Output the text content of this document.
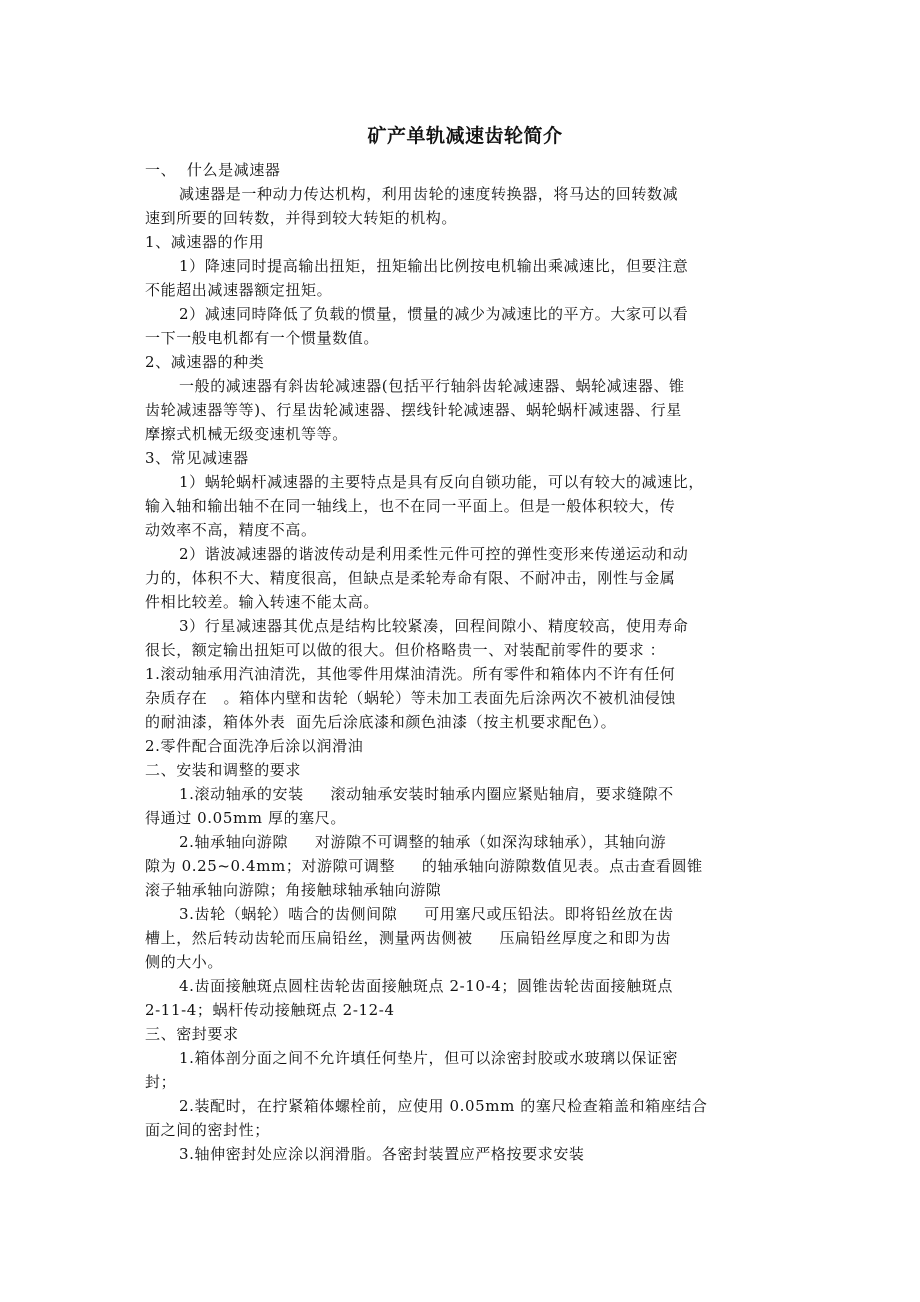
矿产单轨减速齿轮简介
一、  什么是减速器
减速器是一种动力传达机构，利用齿轮的速度转换器，将马达的回转数减
速到所要的回转数，并得到较大转矩的机构。
1、减速器的作用
1）降速同时提高输出扭矩，扭矩输出比例按电机输出乘减速比，但要注意
不能超出减速器额定扭矩。
2）减速同時降低了负载的惯量，惯量的减少为减速比的平方。大家可以看
一下一般电机都有一个惯量数值。
2、减速器的种类
一般的减速器有斜齿轮减速器(包括平行轴斜齿轮减速器、蜗轮减速器、锥
齿轮减速器等等)、行星齿轮减速器、摆线针轮减速器、蜗轮蜗杆减速器、行星
摩擦式机械无级变速机等等。
3、常见减速器
1）蜗轮蜗杆减速器的主要特点是具有反向自锁功能，可以有较大的减速比，
输入轴和输出轴不在同一轴线上，也不在同一平面上。但是一般体积较大，传
动效率不高，精度不高。
2）谐波减速器的谐波传动是利用柔性元件可控的弹性变形来传递运动和动
力的，体积不大、精度很高，但缺点是柔轮寿命有限、不耐冲击，刚性与金属
件相比较差。输入转速不能太高。
3）行星减速器其优点是结构比较紧凑，回程间隙小、精度较高，使用寿命
很长，额定输出扭矩可以做的很大。但价格略贵一、对装配前零件的要求 ：
1.滚动轴承用汽油清洗，其他零件用煤油清洗。所有零件和箱体内不许有任何
杂质存在   。箱体内壁和齿轮（蜗轮）等未加工表面先后涂两次不被机油侵蚀
的耐油漆，箱体外表  面先后涂底漆和颜色油漆（按主机要求配色）。
2.零件配合面洗净后涂以润滑油
二、安装和调整的要求
1.滚动轴承的安装     滚动轴承安装时轴承内圈应紧贴轴肩，要求缝隙不
得通过 0.05mm 厚的塞尺。
2.轴承轴向游隙     对游隙不可调整的轴承（如深沟球轴承），其轴向游
隙为 0.25~0.4mm；对游隙可调整     的轴承轴向游隙数值见表。点击查看圆锥
滚子轴承轴向游隙；角接触球轴承轴向游隙
3.齿轮（蜗轮）啮合的齿侧间隙     可用塞尺或压铅法。即将铅丝放在齿
槽上，然后转动齿轮而压扁铅丝，测量两齿侧被     压扁铅丝厚度之和即为齿
侧的大小。
4.齿面接触斑点圆柱齿轮齿面接触斑点 2-10-4；圆锥齿轮齿面接触斑点
2-11-4；蜗杆传动接触斑点 2-12-4
三、密封要求
1.箱体剖分面之间不允许填任何垫片，但可以涂密封胶或水玻璃以保证密
封；
2.装配时，在拧紧箱体螺栓前，应使用 0.05mm 的塞尺检查箱盖和箱座结合
面之间的密封性；
3.轴伸密封处应涂以润滑脂。各密封装置应严格按要求安装
